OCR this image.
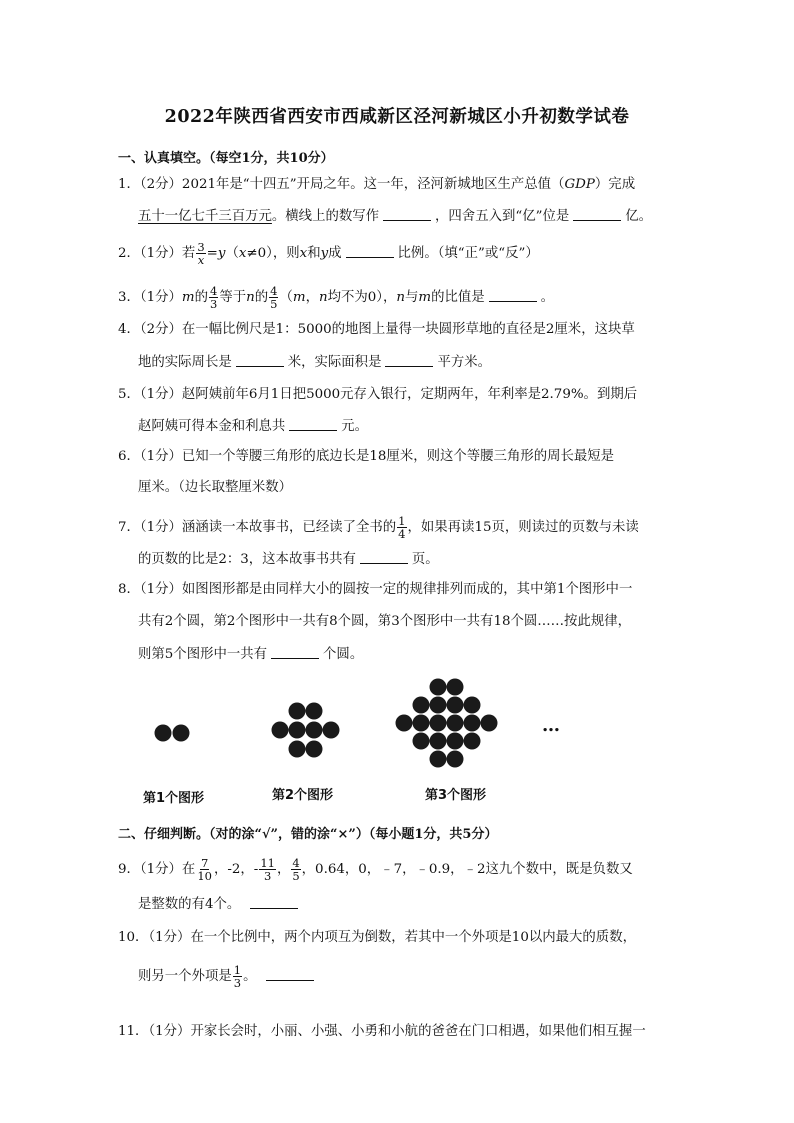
2022年陕西省西安市西咸新区泾河新城区小升初数学试卷
一、认真填空。（每空1分，共10分）
1．（2分）2021年是“十四五”开局之年。这一年，泾河新城地区生产总值（GDP）完成
五十一亿七千三百万元。横线上的数写作	，四舍五入到“亿”位是	亿。
2．（1分）若 $\frac{3}{x} =y(x\ne 0)$，则x和y成	比例。（填“正”或“反”）
3．（1分）m的 $\frac{4}{3}$ 等于n的 $\frac{4}{5} (m$，n均不为0），n与m的比值是	。
4．（2分）在一幅比例尺是1：5000的地图上量得一块圆形草地的直径是2厘米，这块草
地的实际周长是	米，实际面积是	平方米。
5．（1分）赵阿姨前年6月1日把5000元存入银行，定期两年，年利率是2.79%。到期后
赵阿姨可得本金和利息共	元。
6．（1分）已知一个等腰三角形的底边长是18厘米，则这个等腰三角形的周长最短是
厘米。（边长取整厘米数）
7．（1分）涵涵读一本故事书，已经读了全书的 $\frac{1}{4}$ ，如果再读15页，则读过的页数与未读
的页数的比是2：3，这本故事书共有	页。
8．（1分）如图图形都是由同样大小的圆按一定的规律排列而成的，其中第1个图形中一
共有2个圆，第2个图形中一共有8个圆，第3个图形中一共有18个圆……按此规律，
则第5个图形中一共有	个圆。
…
第1个图形	第2个图形	第3个图形
二、仔细判断。（对的涂“√”，错的涂“×”）（每小题1分，共5分）
9．（1分）在 $\frac{7}{10}$ ，-2，- $\frac{11}{3}$ ， $\frac{4}{5}$ ，0.64，0，﹣7，﹣0.9，﹣2这九个数中，既是负数又
是整数的有4个。
10．（1分）在一个比例中，两个内项互为倒数，若其中一个外项是10以内最大的质数，
则另一个外项是 $\frac{1}{3}$ 。
11．（1分）开家长会时，小丽、小强、小勇和小航的爸爸在门口相遇，如果他们相互握一
